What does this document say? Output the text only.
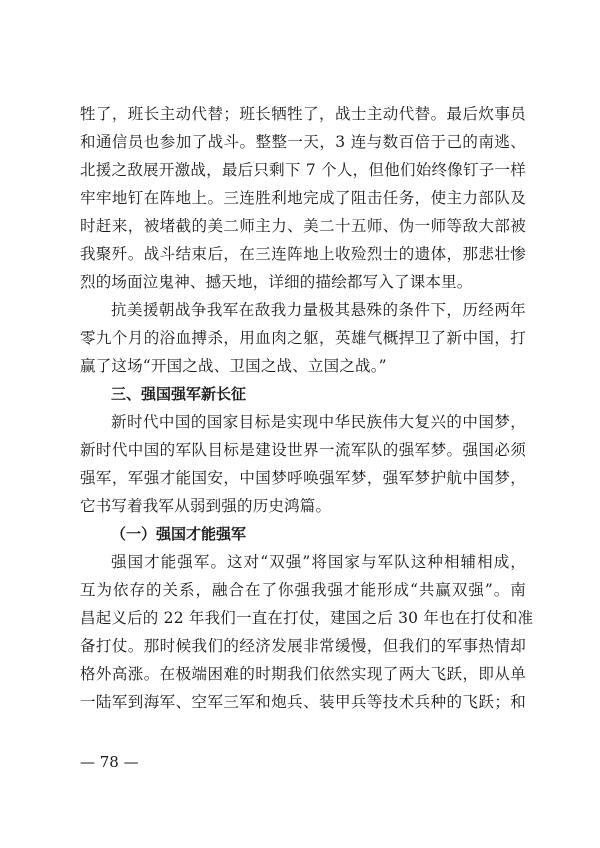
牲了，班长主动代替；班长牺牲了，战士主动代替。最后炊事员
和通信员也参加了战斗。整整一天，3 连与数百倍于己的南逃、
北援之敌展开激战，最后只剩下 7 个人，但他们始终像钉子一样
牢牢地钉在阵地上。三连胜利地完成了阻击任务，使主力部队及
时赶来，被堵截的美二师主力、美二十五师、伪一师等敌大部被
我聚歼。战斗结束后，在三连阵地上收殓烈士的遗体，那悲壮惨
烈的场面泣鬼神、撼天地，详细的描绘都写入了课本里。
抗美援朝战争我军在敌我力量极其悬殊的条件下，历经两年
零九个月的浴血搏杀，用血肉之躯，英雄气概捍卫了新中国，打
赢了这场“开国之战、卫国之战、立国之战。”
三、强国强军新长征
新时代中国的国家目标是实现中华民族伟大复兴的中国梦，
新时代中国的军队目标是建设世界一流军队的强军梦。强国必须
强军，军强才能国安，中国梦呼唤强军梦，强军梦护航中国梦，
它书写着我军从弱到强的历史鸿篇。
（一）强国才能强军
强国才能强军。这对“双强”将国家与军队这种相辅相成，
互为依存的关系，融合在了你强我强才能形成“共赢双强”。南
昌起义后的 22 年我们一直在打仗，建国之后 30 年也在打仗和准
备打仗。那时候我们的经济发展非常缓慢，但我们的军事热情却
格外高涨。在极端困难的时期我们依然实现了两大飞跃，即从单
一陆军到海军、空军三军和炮兵、装甲兵等技术兵种的飞跃；和
— 78 —
